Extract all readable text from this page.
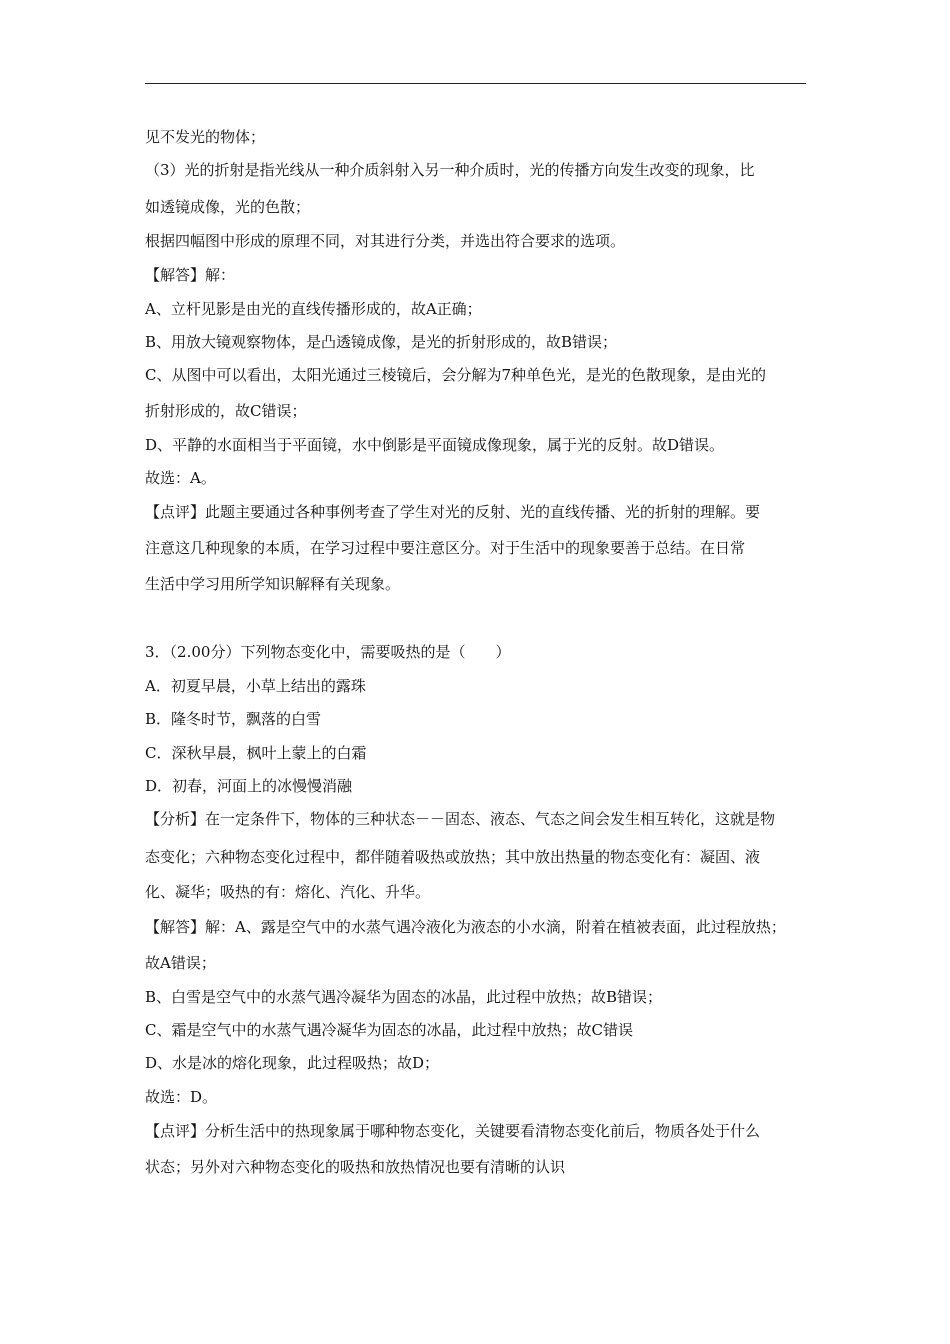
见不发光的物体；
（3）光的折射是指光线从一种介质斜射入另一种介质时，光的传播方向发生改变的现象，比
如透镜成像，光的色散；
根据四幅图中形成的原理不同，对其进行分类，并选出符合要求的选项。
【解答】解：
A、立杆见影是由光的直线传播形成的，故A正确；
B、用放大镜观察物体，是凸透镜成像，是光的折射形成的，故B错误；
C、从图中可以看出，太阳光通过三棱镜后，会分解为7种单色光，是光的色散现象，是由光的
折射形成的，故C错误；
D、平静的水面相当于平面镜，水中倒影是平面镜成像现象，属于光的反射。故D错误。
故选：A。
【点评】此题主要通过各种事例考查了学生对光的反射、光的直线传播、光的折射的理解。要
注意这几种现象的本质，在学习过程中要注意区分。对于生活中的现象要善于总结。在日常
生活中学习用所学知识解释有关现象。
3．（2.00分）下列物态变化中，需要吸热的是（　　）
A．初夏早晨，小草上结出的露珠
B．隆冬时节，飘落的白雪
C．深秋早晨，枫叶上蒙上的白霜
D．初春，河面上的冰慢慢消融
【分析】在一定条件下，物体的三种状态－－固态、液态、气态之间会发生相互转化，这就是物
态变化；六种物态变化过程中，都伴随着吸热或放热；其中放出热量的物态变化有：凝固、液
化、凝华；吸热的有：熔化、汽化、升华。
【解答】解：A、露是空气中的水蒸气遇冷液化为液态的小水滴，附着在植被表面，此过程放热；
故A错误；
B、白雪是空气中的水蒸气遇冷凝华为固态的冰晶，此过程中放热；故B错误；
C、霜是空气中的水蒸气遇冷凝华为固态的冰晶，此过程中放热；故C错误
D、水是冰的熔化现象，此过程吸热；故D；
故选：D。
【点评】分析生活中的热现象属于哪种物态变化，关键要看清物态变化前后，物质各处于什么
状态；另外对六种物态变化的吸热和放热情况也要有清晰的认识
